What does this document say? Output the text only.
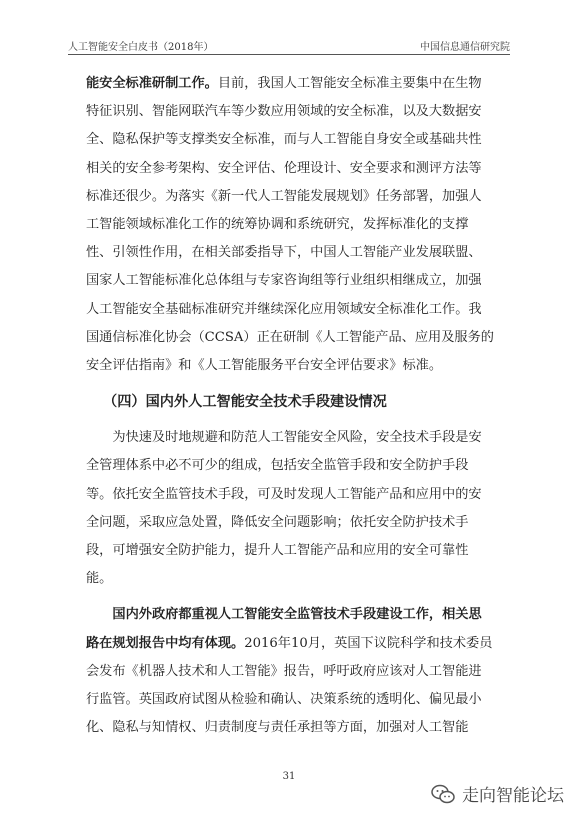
人工智能安全白皮书（2018年）	中国信息通信研究院

能安全标准研制工作。目前，我国人工智能安全标准主要集中在生物特征识别、智能网联汽车等少数应用领域的安全标准，以及大数据安全、隐私保护等支撑类安全标准，而与人工智能自身安全或基础共性相关的安全参考架构、安全评估、伦理设计、安全要求和测评方法等标准还很少。为落实《新一代人工智能发展规划》任务部署，加强人工智能领域标准化工作的统筹协调和系统研究，发挥标准化的支撑性、引领性作用，在相关部委指导下，中国人工智能产业发展联盟、国家人工智能标准化总体组与专家咨询组等行业组织相继成立，加强人工智能安全基础标准研究并继续深化应用领域安全标准化工作。我国通信标准化协会（CCSA）正在研制《人工智能产品、应用及服务的安全评估指南》和《人工智能服务平台安全评估要求》标准。

（四）国内外人工智能安全技术手段建设情况

为快速及时地规避和防范人工智能安全风险，安全技术手段是安全管理体系中必不可少的组成，包括安全监管手段和安全防护手段等。依托安全监管技术手段，可及时发现人工智能产品和应用中的安全问题，采取应急处置，降低安全问题影响；依托安全防护技术手段，可增强安全防护能力，提升人工智能产品和应用的安全可靠性能。

国内外政府都重视人工智能安全监管技术手段建设工作，相关思路在规划报告中均有体现。2016年10月，英国下议院科学和技术委员会发布《机器人技术和人工智能》报告，呼吁政府应该对人工智能进行监管。英国政府试图从检验和确认、决策系统的透明化、偏见最小化、隐私与知情权、归责制度与责任承担等方面，加强对人工智能

31
走向智能论坛
